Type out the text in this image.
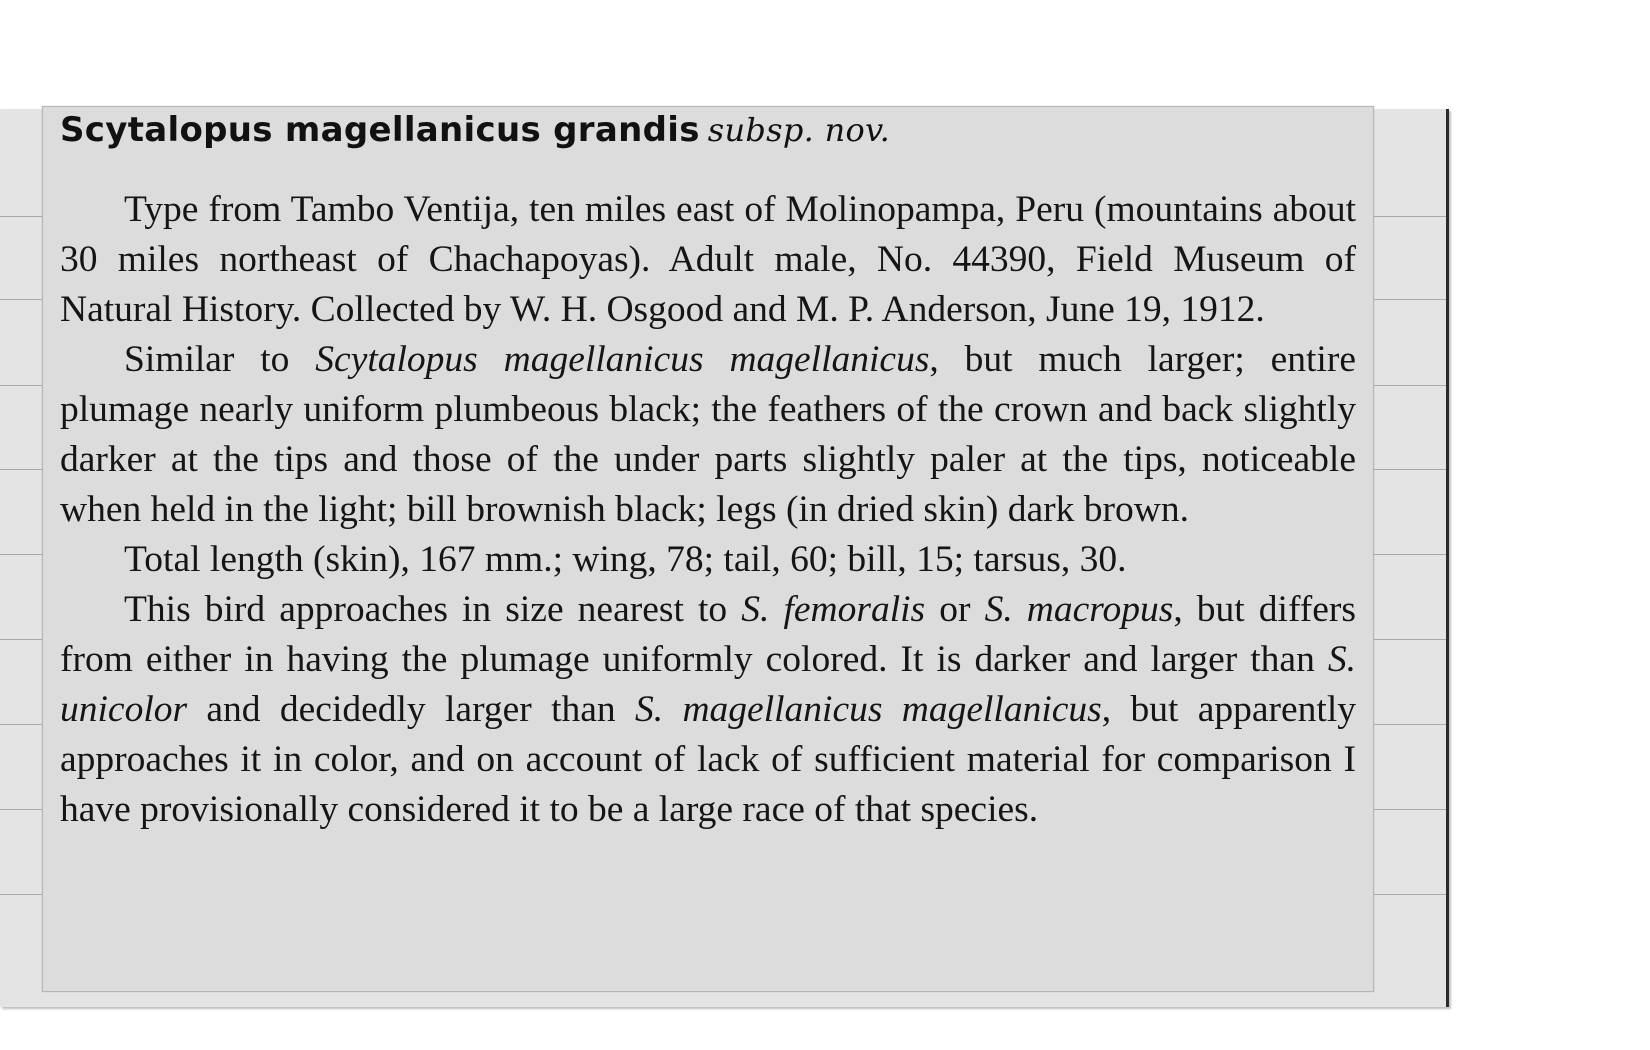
Scytalopus magellanicus grandis subsp. nov.

Type from Tambo Ventija, ten miles east of Molinopampa, Peru (mountains about 30 miles northeast of Chachapoyas). Adult male, No. 44390, Field Museum of Natural History. Collected by W. H. Osgood and M. P. Anderson, June 19, 1912.

Similar to Scytalopus magellanicus magellanicus, but much larger; entire plumage nearly uniform plumbeous black; the feathers of the crown and back slightly darker at the tips and those of the under parts slightly paler at the tips, noticeable when held in the light; bill brownish black; legs (in dried skin) dark brown.

Total length (skin), 167 mm.; wing, 78; tail, 60; bill, 15; tarsus, 30.

This bird approaches in size nearest to S. femoralis or S. macropus, but differs from either in having the plumage uniformly colored. It is darker and larger than S. unicolor and decidedly larger than S. magellanicus magellanicus, but apparently approaches it in color, and on account of lack of sufficient material for comparison I have provisionally considered it to be a large race of that species.
